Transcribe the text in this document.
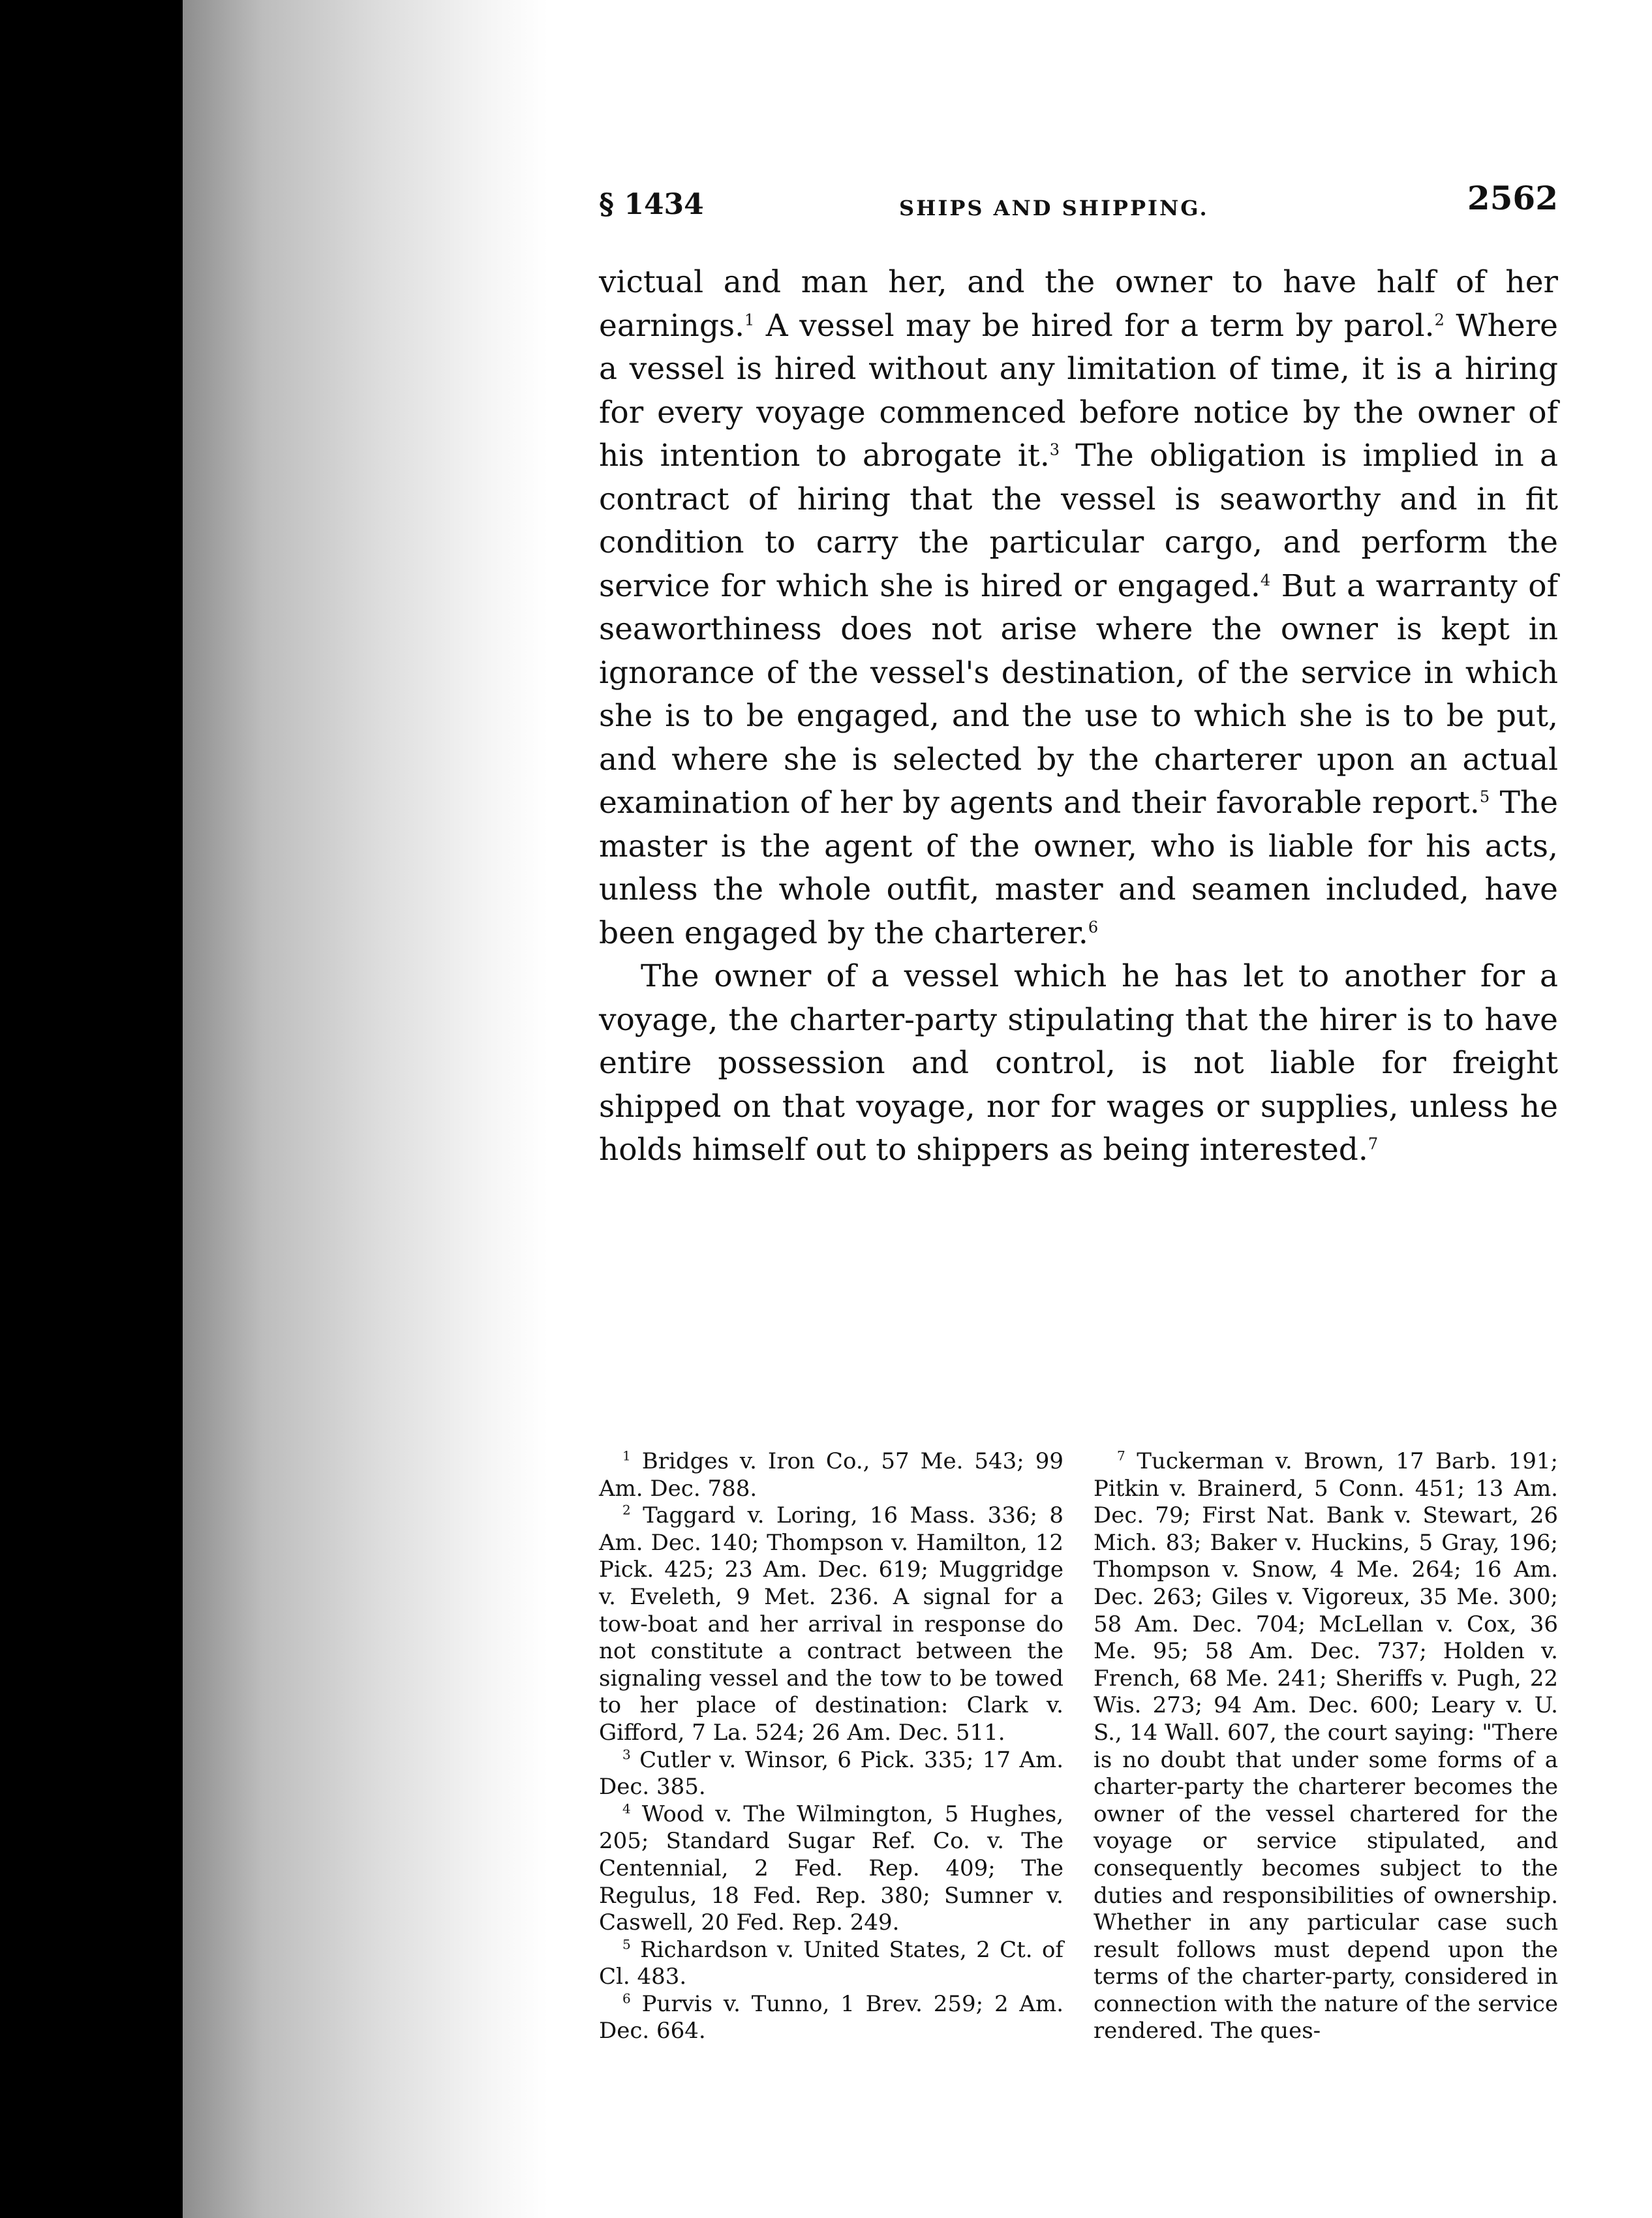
§ 1434	SHIPS AND SHIPPING.	2562

victual and man her, and the owner to have half of her earnings.$^1$ A vessel may be hired for a term by parol.$^2$ Where a vessel is hired without any limitation of time, it is a hiring for every voyage commenced before notice by the owner of his intention to abrogate it.$^3$ The obligation is implied in a contract of hiring that the vessel is seaworthy and in fit condition to carry the particular cargo, and perform the service for which she is hired or engaged.$^4$ But a warranty of seaworthiness does not arise where the owner is kept in ignorance of the vessel's destination, of the service in which she is to be engaged, and the use to which she is to be put, and where she is selected by the charterer upon an actual examination of her by agents and their favorable report.$^5$ The master is the agent of the owner, who is liable for his acts, unless the whole outfit, master and seamen included, have been engaged by the charterer.$^6$

The owner of a vessel which he has let to another for a voyage, the charter-party stipulating that the hirer is to have entire possession and control, is not liable for freight shipped on that voyage, nor for wages or supplies, unless he holds himself out to shippers as being interested.$^7$

$^1$ Bridges v. Iron Co., 57 Me. 543; 99 Am. Dec. 788.

$^2$ Taggard v. Loring, 16 Mass. 336; 8 Am. Dec. 140; Thompson v. Hamilton, 12 Pick. 425; 23 Am. Dec. 619; Muggridge v. Eveleth, 9 Met. 236. A signal for a tow-boat and her arrival in response do not constitute a contract between the signaling vessel and the tow to be towed to her place of destination: Clark v. Gifford, 7 La. 524; 26 Am. Dec. 511.

$^3$ Cutler v. Winsor, 6 Pick. 335; 17 Am. Dec. 385.

$^4$ Wood v. The Wilmington, 5 Hughes, 205; Standard Sugar Ref. Co. v. The Centennial, 2 Fed. Rep. 409; The Regulus, 18 Fed. Rep. 380; Sumner v. Caswell, 20 Fed. Rep. 249.

$^5$ Richardson v. United States, 2 Ct. of Cl. 483.

$^6$ Purvis v. Tunno, 1 Brev. 259; 2 Am. Dec. 664.

$^7$ Tuckerman v. Brown, 17 Barb. 191; Pitkin v. Brainerd, 5 Conn. 451; 13 Am. Dec. 79; First Nat. Bank v. Stewart, 26 Mich. 83; Baker v. Huckins, 5 Gray, 196; Thompson v. Snow, 4 Me. 264; 16 Am. Dec. 263; Giles v. Vigoreux, 35 Me. 300; 58 Am. Dec. 704; McLellan v. Cox, 36 Me. 95; 58 Am. Dec. 737; Holden v. French, 68 Me. 241; Sheriffs v. Pugh, 22 Wis. 273; 94 Am. Dec. 600; Leary v. U. S., 14 Wall. 607, the court saying: "There is no doubt that under some forms of a charter-party the charterer becomes the owner of the vessel chartered for the voyage or service stipulated, and consequently becomes subject to the duties and responsibilities of ownership. Whether in any particular case such result follows must depend upon the terms of the charter-party, considered in connection with the nature of the service rendered. The ques-
